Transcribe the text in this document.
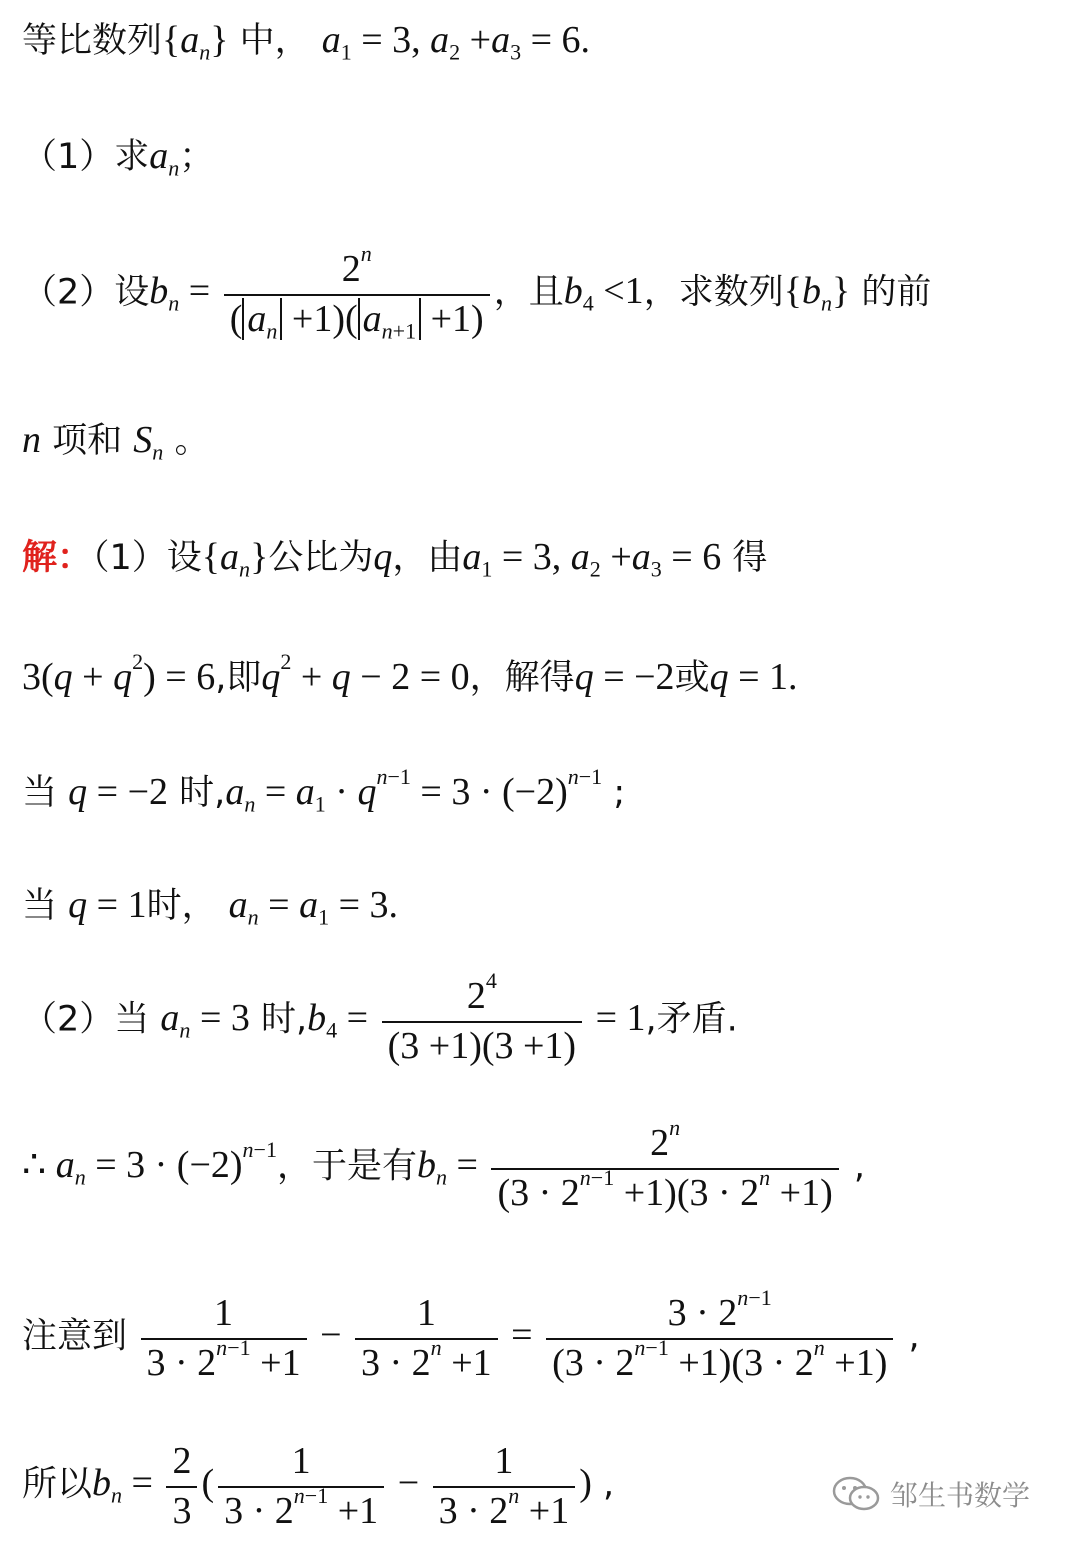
等比数列$\{a_n\}$ 中， $a_1 = 3$, $a_2 +a_3 = 6$.
（1）求$a_n$；
（2）设$b_n = \frac{2^n}{( a_n +1)( a_{n+1} +1)}$ ，且$b_4 <1$，求数列$\{b_n\}$ 的前
n 项和 $S_n$ 。
解：（1）设$\{a_n\}$公比为q，由$a_1 = 3$, $a_2 +a_3 = 6$ 得
$3(q + q^2) = 6$,即$q^2 + q - 2 = 0$，解得q = −2或q = 1.
当 q = −2 时$,a_n = a_1 \cdot q^{n-1} = 3 \cdot (-2)^{n-1}$ ;
当 q = 1时， $a_n = a_1 = 3$.
（2）当 $a_n = 3$ 时$,b_4 = \frac{2^4}{(3 +1)(3 +1)} = 1$,矛盾.
∴ $a_n = 3 \cdot (-2)^{n-1}$，于是有$b_n = \frac{2^n}{(3 \cdot 2^{n-1} +1)(3 \cdot 2^n +1)}$ ,
注意到 $\frac{1}{3 \cdot 2^{n-1} +1} - \frac{1}{3 \cdot 2^n +1} = \frac{3 \cdot 2^{n-1}}{(3 \cdot 2^{n-1} +1)(3 \cdot 2^n +1)}$ ,
所以$b_n = \frac{2}{3}$ ( $\frac{1}{3 \cdot 2^{n-1} +1} - \frac{1}{3 \cdot 2^n +1}$ ) ,	邹生书数学
